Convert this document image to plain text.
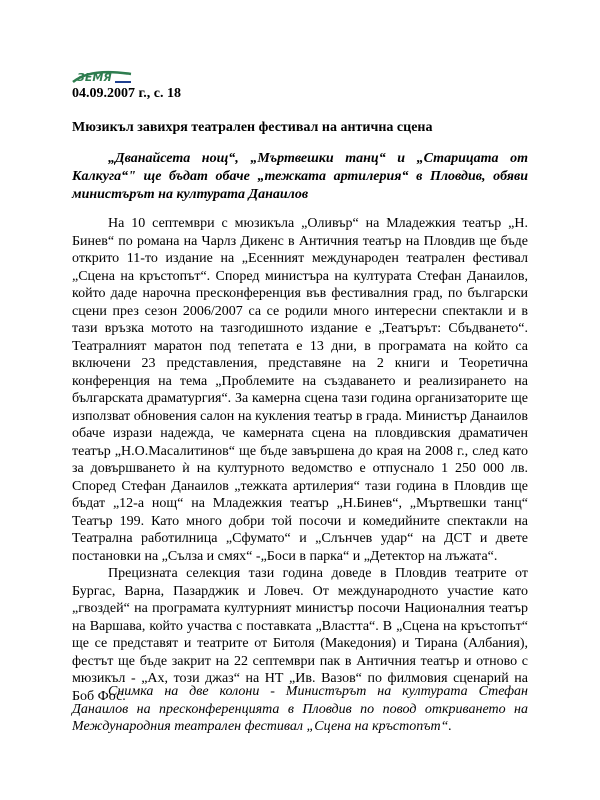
ЗЕМЯ
04.09.2007 г., с. 18
Мюзикъл завихря театрален фестивал на антична сцена
„Дванайсета нощ“, „Мъртвешки танц“ и „Старицата от Калкуга“" ще бъдат обаче „тежката артилерия“ в Пловдив, обяви министърът на културата Данаилов

На 10 септември с мюзикъла „Оливър“ на Младежкия театър „Н. Бинев“ по романа на Чарлз Дикенс в Античния театър на Пловдив ще бъде открито 11-то издание на „Есенният международен театрален фестивал „Сцена на кръстопът“. Според министъра на културата Стефан Данаилов, който даде нарочна пресконференция във фестивалния град, по български сцени през сезон 2006/2007 са се родили много интересни спектакли и в тази връзка мотото на тазгодишното издание е „Театърът: Сбъдването“. Театралният маратон под тепетата е 13 дни, в програмата на който са включени 23 представления, представяне на 2 книги и Теоретична конференция на тема „Проблемите на създаването и реализирането на българската драматургия“. За камерна сцена тази година организаторите ще използват обновения салон на кукления театър в града. Министър Данаилов обаче изрази надежда, че камерната сцена на пловдивския драматичен театър „Н.О.Масалитинов“ ще бъде завършена до края на 2008 г., след като за довършването ѝ на културното ведомство е отпуснало 1 250 000 лв. Според Стефан Данаилов „тежката артилерия“ тази година в Пловдив ще бъдат „12-а нощ“ на Младежкия театър „Н.Бинев“, „Мъртвешки танц“ Театър 199. Като много добри той посочи и комедийните спектакли на Театрална работилница „Сфумато“ и „Слънчев удар“ на ДСТ и двете постановки на „Сълза и смях“ -„Боси в парка“ и „Детектор на лъжата“.

Прецизната селекция тази година доведе в Пловдив театрите от Бургас, Варна, Пазарджик и Ловеч. От международното участие като „гвоздей“ на програмата културният министър посочи Националния театър на Варшава, който участва с поставката „Властта“. В „Сцена на кръстопът“ ще се представят и театрите от Битоля (Македония) и Тирана (Албания), фестът ще бъде закрит на 22 септември пак в Античния театър и отново с мюзикъл - „Ах, този джаз“ на НТ „Ив. Вазов“ по филмовия сценарий на Боб Фос.

Снимка на две колони - Министърът на културата Стефан Данаилов на пресконференцията в Пловдив по повод откриването на Международния театрален фестивал „Сцена на кръстопът“.
